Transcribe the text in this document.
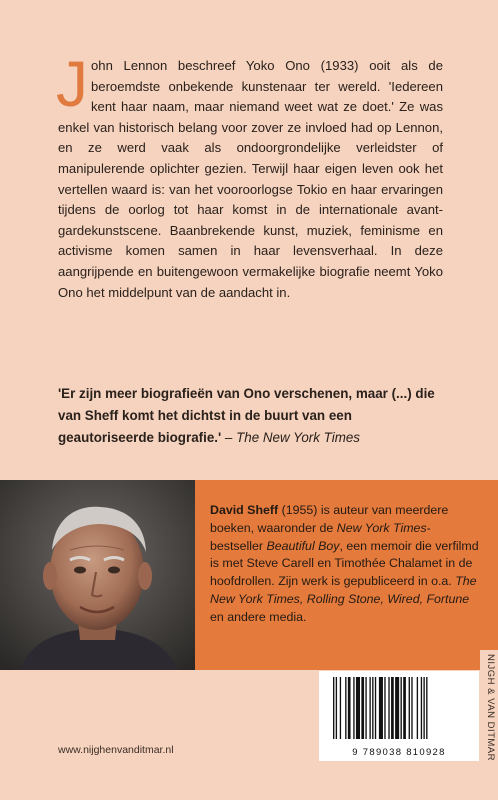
John Lennon beschreef Yoko Ono (1933) ooit als de beroemdste onbekende kunstenaar ter wereld. 'Iedereen kent haar naam, maar niemand weet wat ze doet.' Ze was enkel van historisch belang voor zover ze invloed had op Lennon, en ze werd vaak als ondoorgrondelijke verleidster of manipulerende oplichter gezien. Terwijl haar eigen leven ook het vertellen waard is: van het vooroorlogse Tokio en haar ervaringen tijdens de oorlog tot haar komst in de internationale avant-gardekunstscene. Baanbrekende kunst, muziek, feminisme en activisme komen samen in haar levensverhaal. In deze aangrijpende en buitengewoon vermakelijke biografie neemt Yoko Ono het middelpunt van de aandacht in.
'Er zijn meer biografieën van Ono verschenen, maar (...) die van Sheff komt het dichtst in de buurt van een geautoriseerde biografie.' – The New York Times
David Sheff (1955) is auteur van meerdere boeken, waaronder de New York Times-bestseller Beautiful Boy, een memoir die verfilmd is met Steve Carell en Timothée Chalamet in de hoofdrollen. Zijn werk is gepubliceerd in o.a. The New York Times, Rolling Stone, Wired, Fortune en andere media.
NIJGH & VAN DITMAR
9 789038 810928
www.nijghenvanditmar.nl
